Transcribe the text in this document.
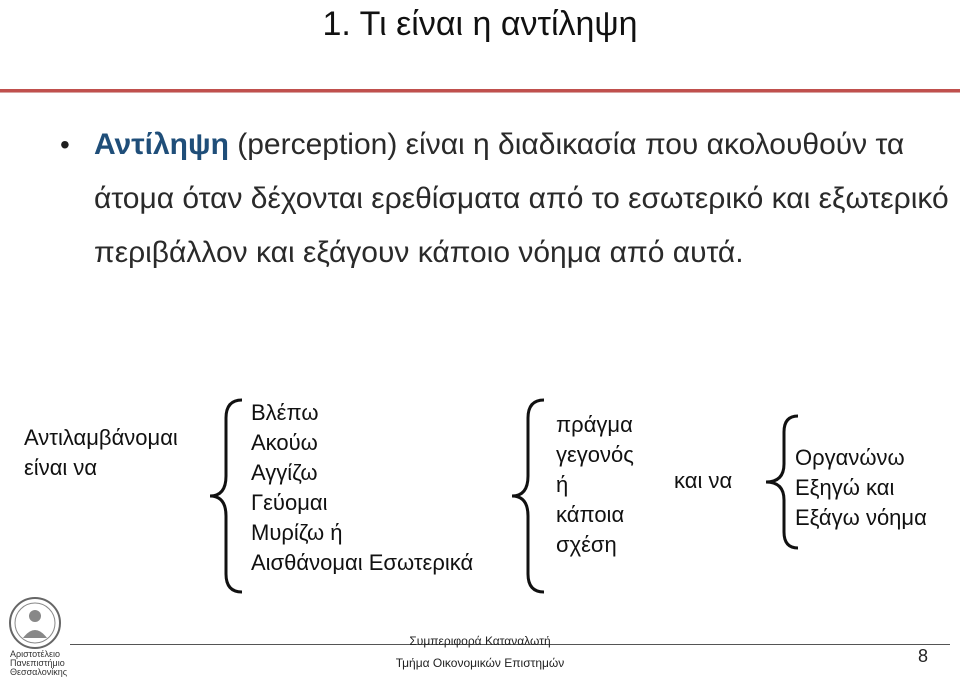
1. Τι είναι η αντίληψη
• Αντίληψη (perception) είναι η διαδικασία που ακολουθούν τα άτομα όταν δέχονται ερεθίσματα από το εσωτερικό και εξωτερικό περιβάλλον και εξάγουν κάποιο νόημα από αυτά.
Αντιλαμβάνομαι
είναι να
Βλέπω
Ακούω
Αγγίζω
Γεύομαι
Μυρίζω ή
Αισθάνομαι Εσωτερικά
πράγμα
γεγονός
ή
κάποια
σχέση
και να
Οργανώνω
Εξηγώ και
Εξάγω νόημα
Αριστοτέλειο
Πανεπιστήμιο
Θεσσαλονίκης
Συμπεριφορά Καταναλωτή
Τμήμα Οικονομικών Επιστημών	8
